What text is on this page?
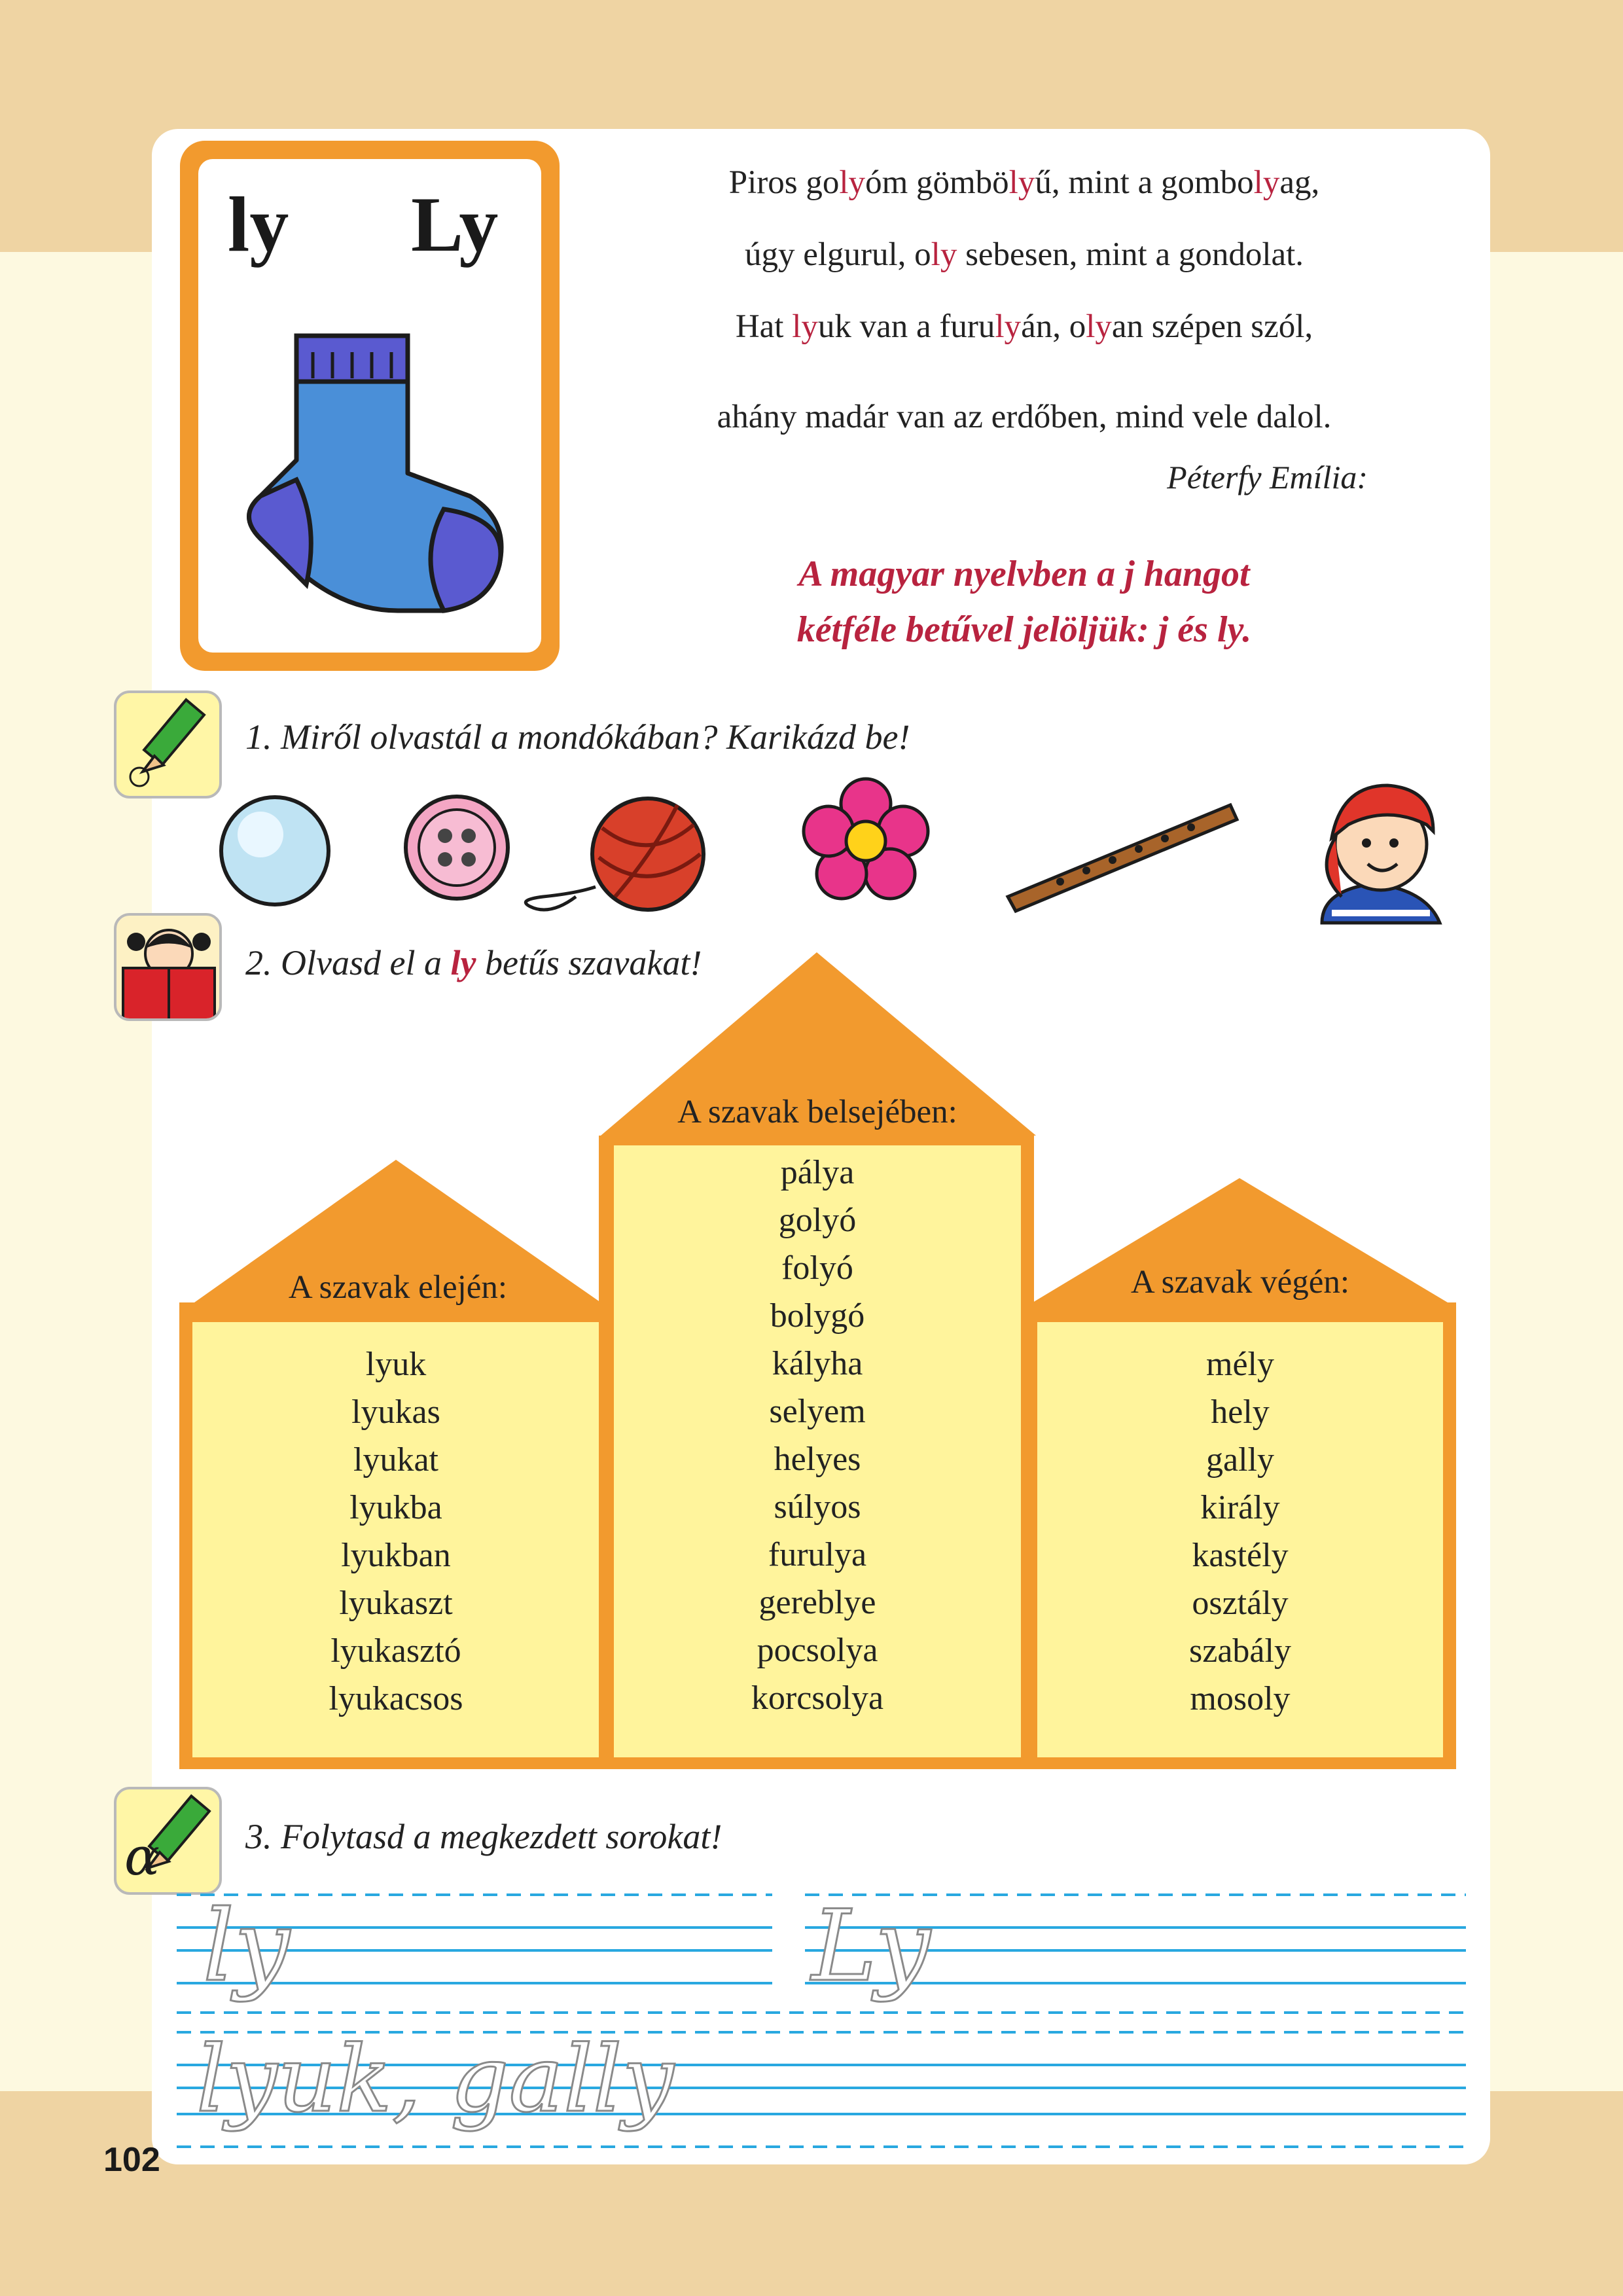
102
ly Ly	Piros golyóm gömbölyű, mint a gombolyag,
úgy elgurul, oly sebesen, mint a gondolat.
Hat lyuk van a furulyán, olyan szépen szól,
ahány madár van az erdőben, mind vele dalol.
Péterfy Emília:
A magyar nyelvben a j hangot
kétféle betűvel jelöljük: j és ly.
1. Miről olvastál a mondókában? Karikázd be!
2. Olvasd el a ly betűs szavakat!
A szavak elején:
A szavak belsejében:
A szavak végén:
lyuk
lyukas
lyukat
lyukba
lyukban
lyukaszt
lyukasztó
lyukacsos
pálya
golyó
folyó
bolygó
kályha
selyem
helyes
súlyos
furulya
gereblye
pocsolya
korcsolya
mély
hely
gally
király
kastély
osztály
szabály
mosoly
α 3. Folytasd a megkezdett sorokat!
ly	Ly
lyuk, gally
